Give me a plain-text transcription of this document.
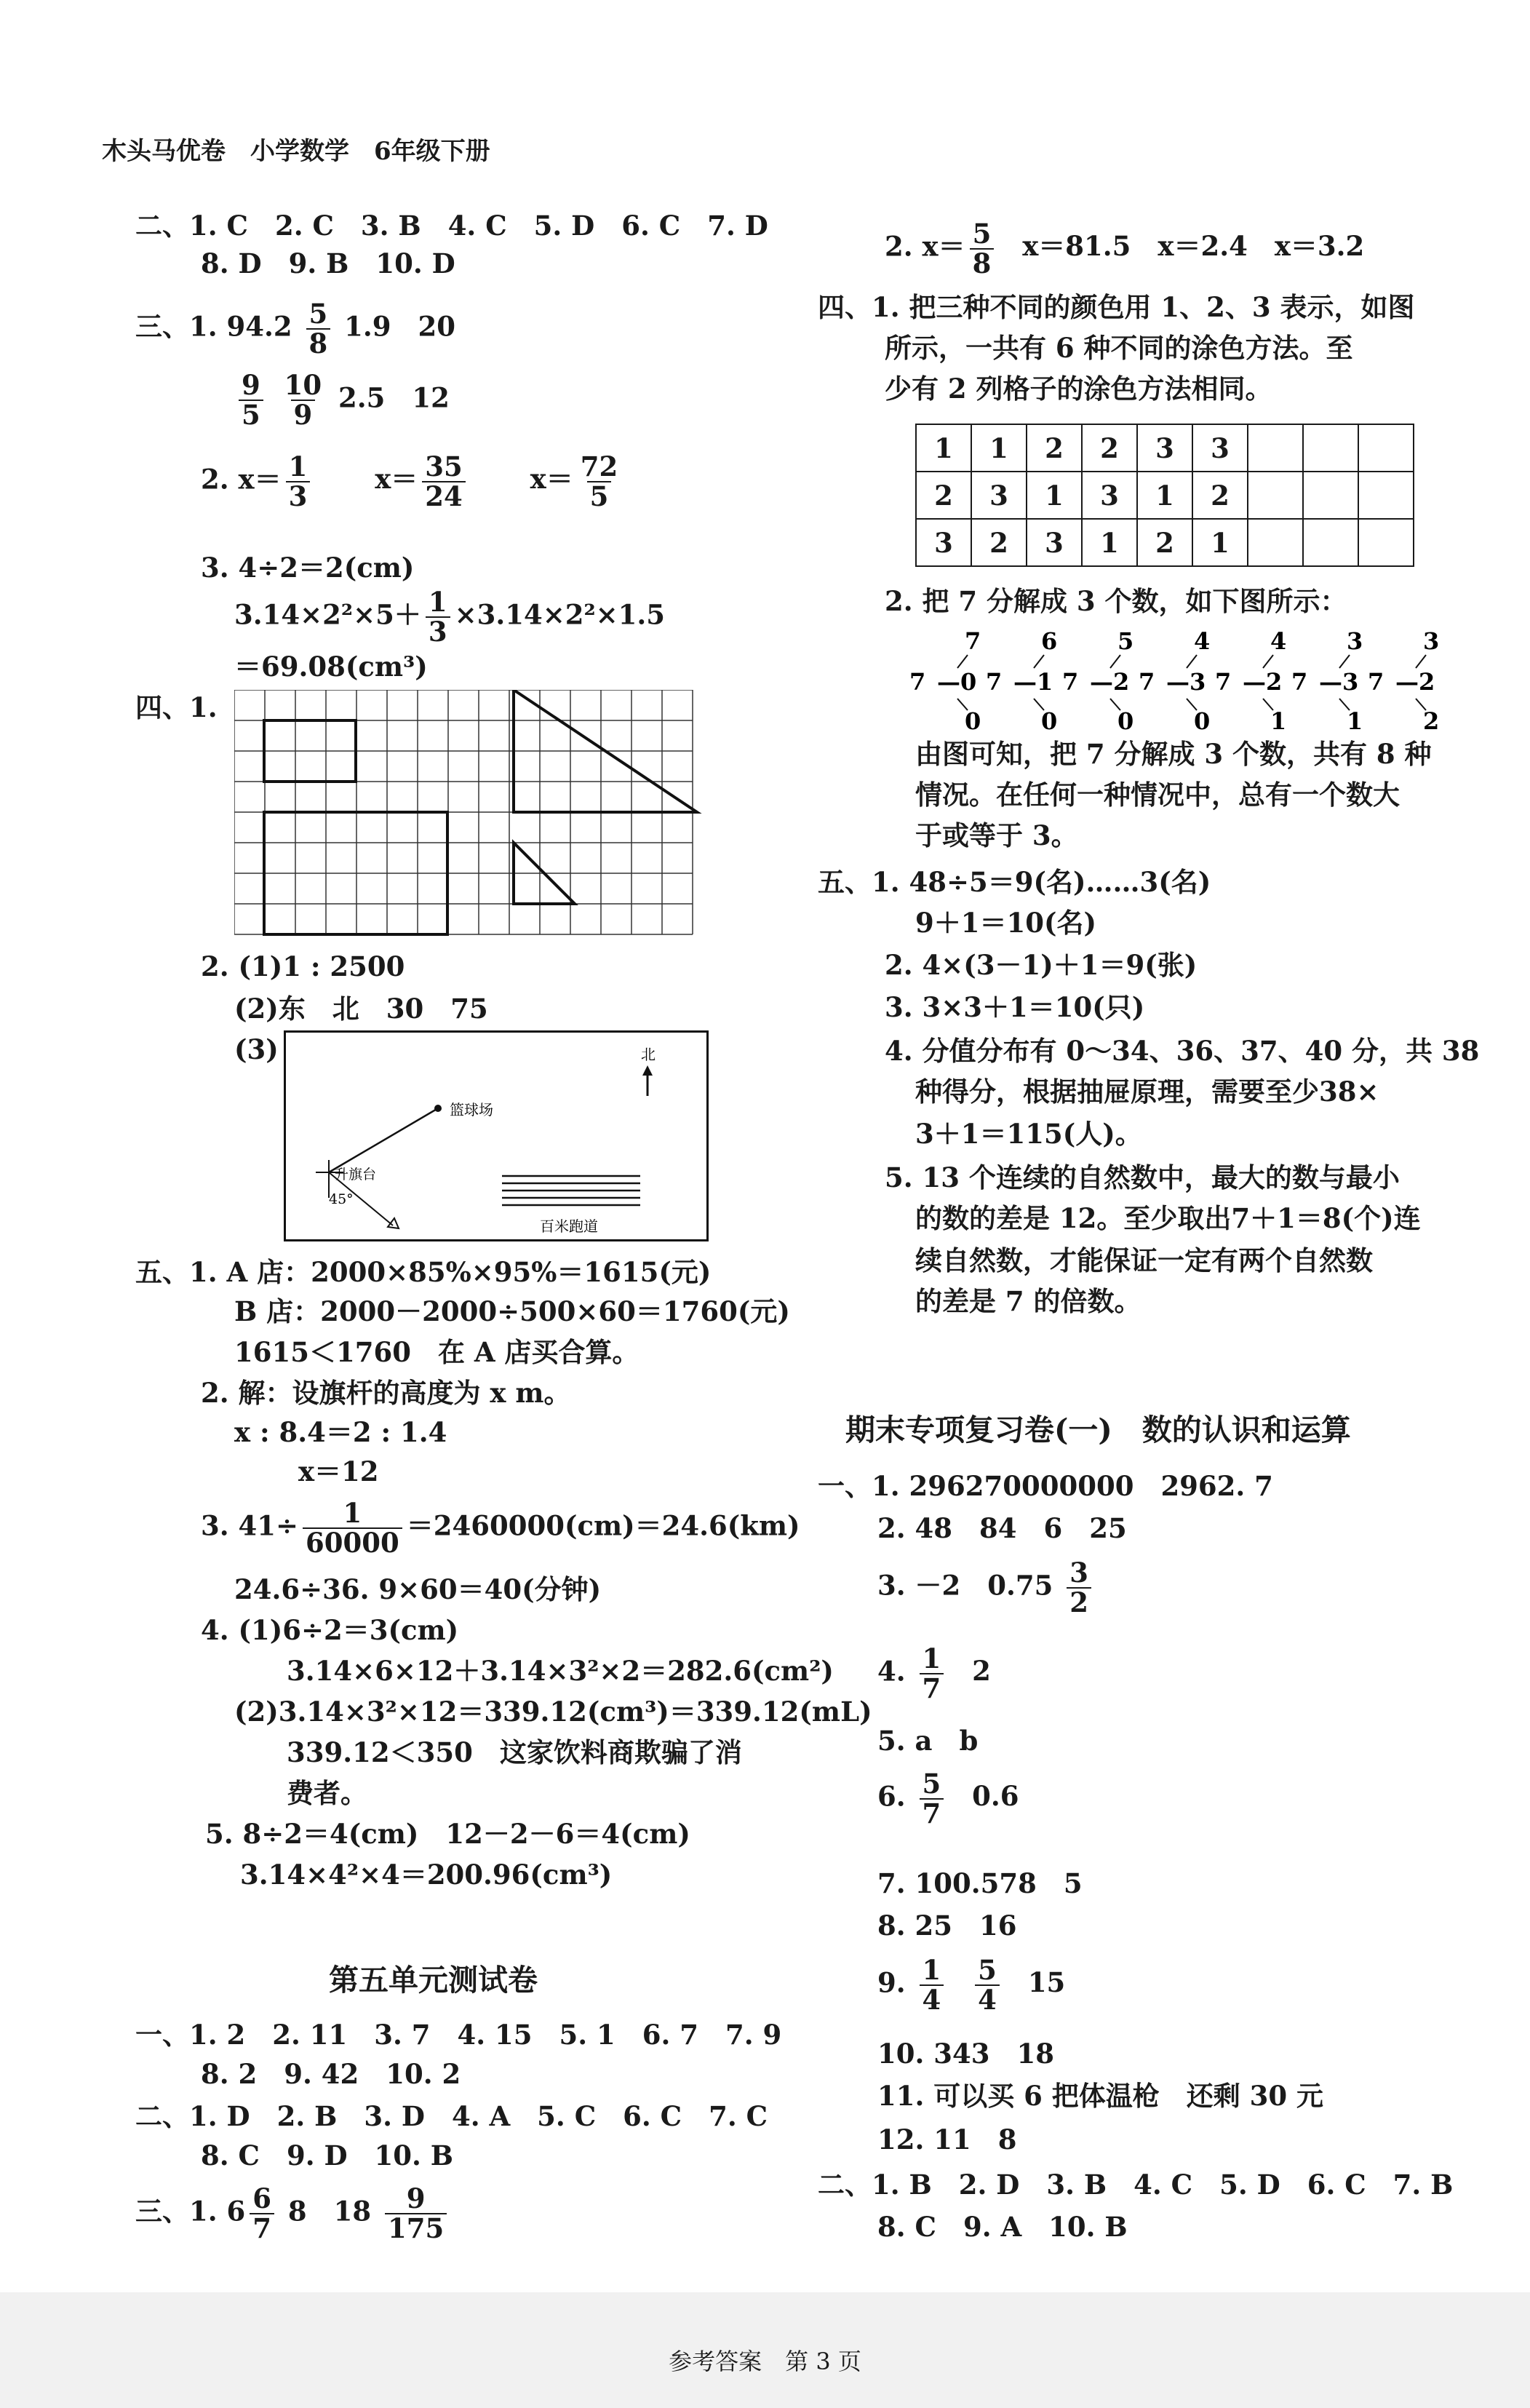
木头马优卷　小学数学　6年级下册
二、1. C　2. C　3. B　4. C　5. D　6. C　7. D
8. D　9. B　10. D
三、1. $94.2 \frac{5}{8} 1.9$　20
$\frac{9}{5}$
$\frac{10}{9} 2.5$　12
2. $x= \frac{1}{3} x= \frac{35}{24} x= \frac{72}{5}$
3. 4÷2＝2(cm)
$3.14\times 2^2\times 5+ \frac{1}{3} \times 3.14\times 2^2\times 1.5$
＝69.08(cm³)
四、1.
2. (1)1 : 2500
(2)东　北　30　75
(3)	北
篮球场
升旗台
45°
百米跑道
五、1. A 店：2000×85%×95%＝1615(元)
B 店：2000－2000÷500×60＝1760(元)
1615＜1760　在 A 店买合算。
2. 解：设旗杆的高度为 x m。
x : 8.4＝2 : 1.4
x＝12
3. $41\div \frac{1}{60000} =2460000(cm)=24.6(km)$
24.6÷36. 9×60＝40(分钟)
4. (1)6÷2＝3(cm)
3.14×6×12＋3.14×3²×2＝282.6(cm²)
(2)3.14×3²×12＝339.12(cm³)＝339.12(mL)
339.12＜350　这家饮料商欺骗了消
费者。
5. 8÷2＝4(cm)　12－2－6＝4(cm)
3.14×4²×4＝200.96(cm³)
第五单元测试卷
一、1. 2　2. 11　3. 7　4. 15　5. 1　6. 7　7. 9
8. 2　9. 42　10. 2
二、1. D　2. B　3. D　4. A　5. C　6. C　7. C
8. C　9. D　10. B
三、1. $6 \frac{6}{7} 8$　$18 \frac{9}{175}$
2. $x= \frac{5}{8} x=81.5$　x＝2.4　x＝3.2
四、1. 把三种不同的颜色用 1、2、3 表示，如图
所示，一共有 6 种不同的涂色方法。至
少有 2 列格子的涂色方法相同。
1	1	2	2	3	3			
2	3	1	3	1	2			
3	2	3	1	2	1			
2. 把 7 分解成 3 个数，如下图所示：
7 — 0
7
0
7 — 1
6
0
7 — 2
5
0
7 — 3
4
0
7 — 2
4
1
7 — 3
3
1
7 — 2
3
2
由图可知，把 7 分解成 3 个数，共有 8 种
情况。在任何一种情况中，总有一个数大
于或等于 3。
五、1. 48÷5＝9(名)……3(名)
9＋1＝10(名)
2. 4×(3－1)＋1＝9(张)
3. 3×3＋1＝10(只)
4. 分值分布有 0～34、36、37、40 分，共 38
种得分，根据抽屉原理，需要至少38×
3＋1＝115(人)。
5. 13 个连续的自然数中，最大的数与最小
的数的差是 12。至少取出7＋1＝8(个)连
续自然数，才能保证一定有两个自然数
的差是 7 的倍数。
期末专项复习卷(一)　数的认识和运算
一、1. 296270000000　2962. 7
2. 48　84　6　25
3. －2　$0.75 \frac{3}{2}$
4. $\frac{1}{7} 2$
5. a　b
6. $\frac{5}{7} 0.6$
7. 100.578　5
8. 25　16
9. $\frac{1}{4}$
$\frac{5}{4} 15$
10. 343　18
11. 可以买 6 把体温枪　还剩 30 元
12. 11　8
二、1. B　2. D　3. B　4. C　5. D　6. C　7. B
8. C　9. A　10. B
参考答案　第 3 页
